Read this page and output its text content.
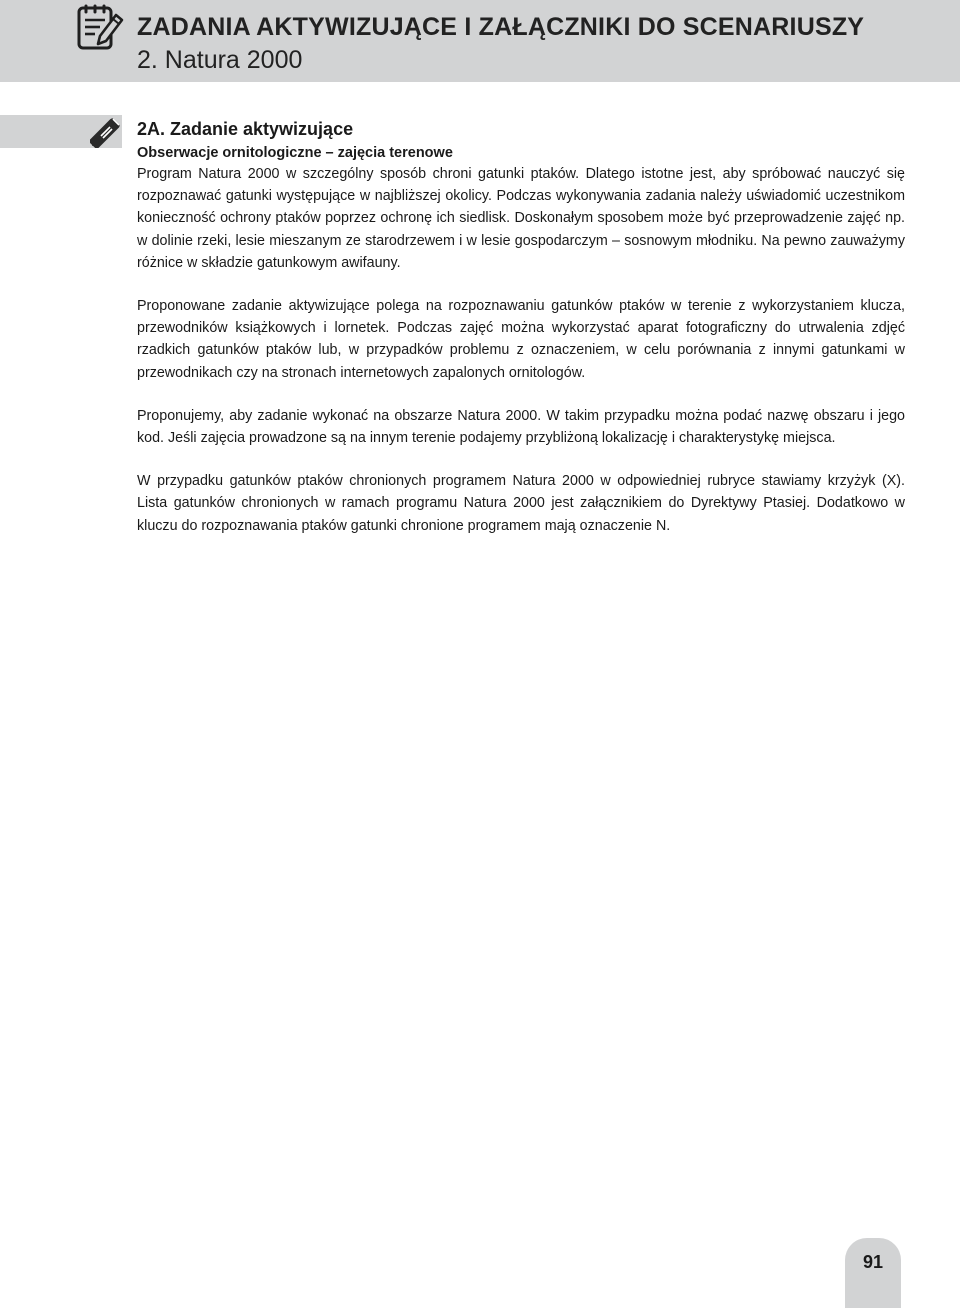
ZADANIA AKTYWIZUJĄCE I ZAŁĄCZNIKI DO SCENARIUSZY
2. Natura 2000
2A. Zadanie aktywizujące
Obserwacje ornitologiczne – zajęcia terenowe

Program Natura 2000 w szczególny sposób chroni gatunki ptaków. Dlatego istotne jest, aby spróbować nauczyć się rozpoznawać gatunki występujące w najbliższej okolicy. Podczas wykonywania zadania należy uświadomić uczestnikom konieczność ochrony ptaków poprzez ochronę ich siedlisk. Doskonałym sposobem może być przeprowadzenie zajęć np. w dolinie rzeki, lesie mieszanym ze starodrzewem i w lesie gospodarczym – sosnowym młodniku. Na pewno zauważymy różnice w składzie gatunkowym awifauny.

Proponowane zadanie aktywizujące polega na rozpoznawaniu gatunków ptaków w terenie z wykorzystaniem klucza, przewodników książkowych i lornetek. Podczas zajęć można wykorzystać aparat fotograficzny do utrwalenia zdjęć rzadkich gatunków ptaków lub, w przypadków problemu z oznaczeniem, w celu porównania z innymi gatunkami w przewodnikach czy na stronach internetowych zapalonych ornitologów.

Proponujemy, aby zadanie wykonać na obszarze Natura 2000. W takim przypadku można podać nazwę obszaru i jego kod. Jeśli zajęcia prowadzone są na innym terenie podajemy przybliżoną lokalizację i charakterystykę miejsca.

W przypadku gatunków ptaków chronionych programem Natura 2000 w odpowiedniej rubryce stawiamy krzyżyk (X). Lista gatunków chronionych w ramach programu Natura 2000 jest załącznikiem do Dyrektywy Ptasiej. Dodatkowo w kluczu do rozpoznawania ptaków gatunki chronione programem mają oznaczenie N.

91
